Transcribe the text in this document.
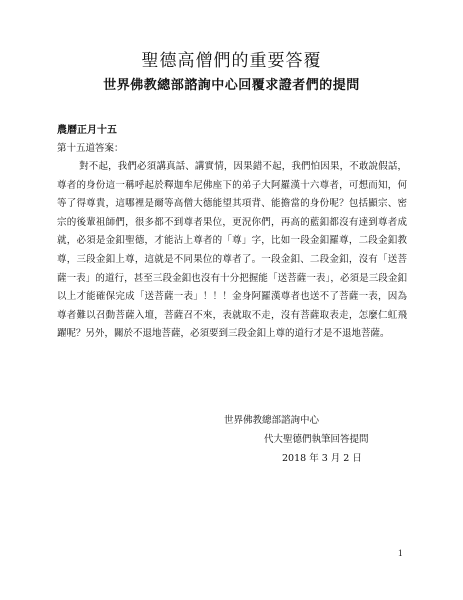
聖德高僧們的重要答覆
世界佛教總部諮詢中心回覆求證者們的提問
農曆正月十五
第十五道答案：

對不起，我們必須講真話、講實情，因果錯不起，我們怕因果，不敢說假話，尊者的身份這一稱呼起於釋迦牟尼佛座下的弟子大阿羅漢十六尊者，可想而知，何等了得尊貴，這哪裡是爾等高僧大德能望其項背、能擔當的身份呢？包括顯宗、密宗的後輩祖師們，很多都不到尊者果位，更況你們，再高的藍釦都沒有達到尊者成就，必須是金釦聖德，才能沾上尊者的「尊」字，比如一段金釦羅尊，二段金釦教尊，三段金釦上尊，這就是不同果位的尊者了。一段金釦、二段金釦，沒有「送菩薩一表」的道行，甚至三段金釦也沒有十分把握能「送菩薩一表」，必須是三段金釦以上才能確保完成「送菩薩一表」！！！金身阿羅漢尊者也送不了菩薩一表，因為尊者難以召動菩薩入壇，菩薩召不來，表就取不走，沒有菩薩取表走，怎麼仁虹飛躍呢？另外，關於不退地菩薩，必須要到三段金釦上尊的道行才是不退地菩薩。

世界佛教總部諮詢中心
代大聖德們執筆回答提問
2018 年 3 月 2 日
1
